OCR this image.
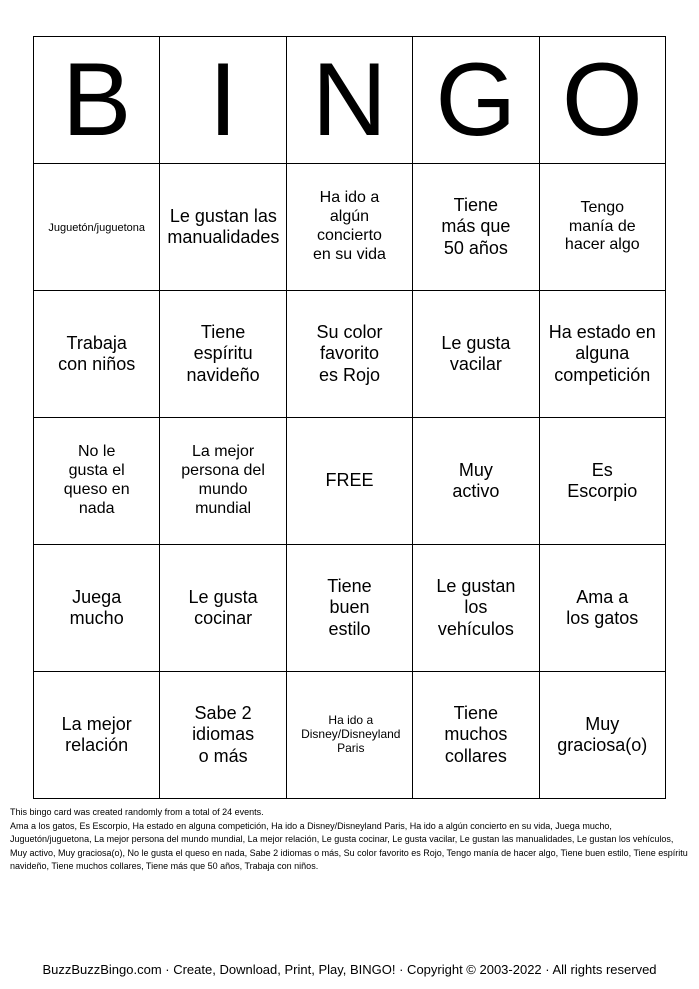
B	I	N	G	O
Juguetón/juguetona	Le gustan las manualidades	Ha ido a algún concierto en su vida	Tiene más que 50 años	Tengo manía de hacer algo
Trabaja con niños	Tiene espíritu navideño	Su color favorito es Rojo	Le gusta vacilar	Ha estado en alguna competición
No le gusta el queso en nada	La mejor persona del mundo mundial	FREE	Muy activo	Es Escorpio
Juega mucho	Le gusta cocinar	Tiene buen estilo	Le gustan los vehículos	Ama a los gatos
La mejor relación	Sabe 2 idiomas o más	Ha ido a Disney/Disneyland Paris	Tiene muchos collares	Muy graciosa(o)

This bingo card was created randomly from a total of 24 events.

Ama a los gatos, Es Escorpio, Ha estado en alguna competición, Ha ido a Disney/Disneyland Paris, Ha ido a algún concierto en su vida, Juega mucho, Juguetón/juguetona, La mejor persona del mundo mundial, La mejor relación, Le gusta cocinar, Le gusta vacilar, Le gustan las manualidades, Le gustan los vehículos, Muy activo, Muy graciosa(o), No le gusta el queso en nada, Sabe 2 idiomas o más, Su color favorito es Rojo, Tengo manía de hacer algo, Tiene buen estilo, Tiene espíritu navideño, Tiene muchos collares, Tiene más que 50 años, Trabaja con niños.

BuzzBuzzBingo.com · Create, Download, Print, Play, BINGO! · Copyright © 2003-2022 · All rights reserved
